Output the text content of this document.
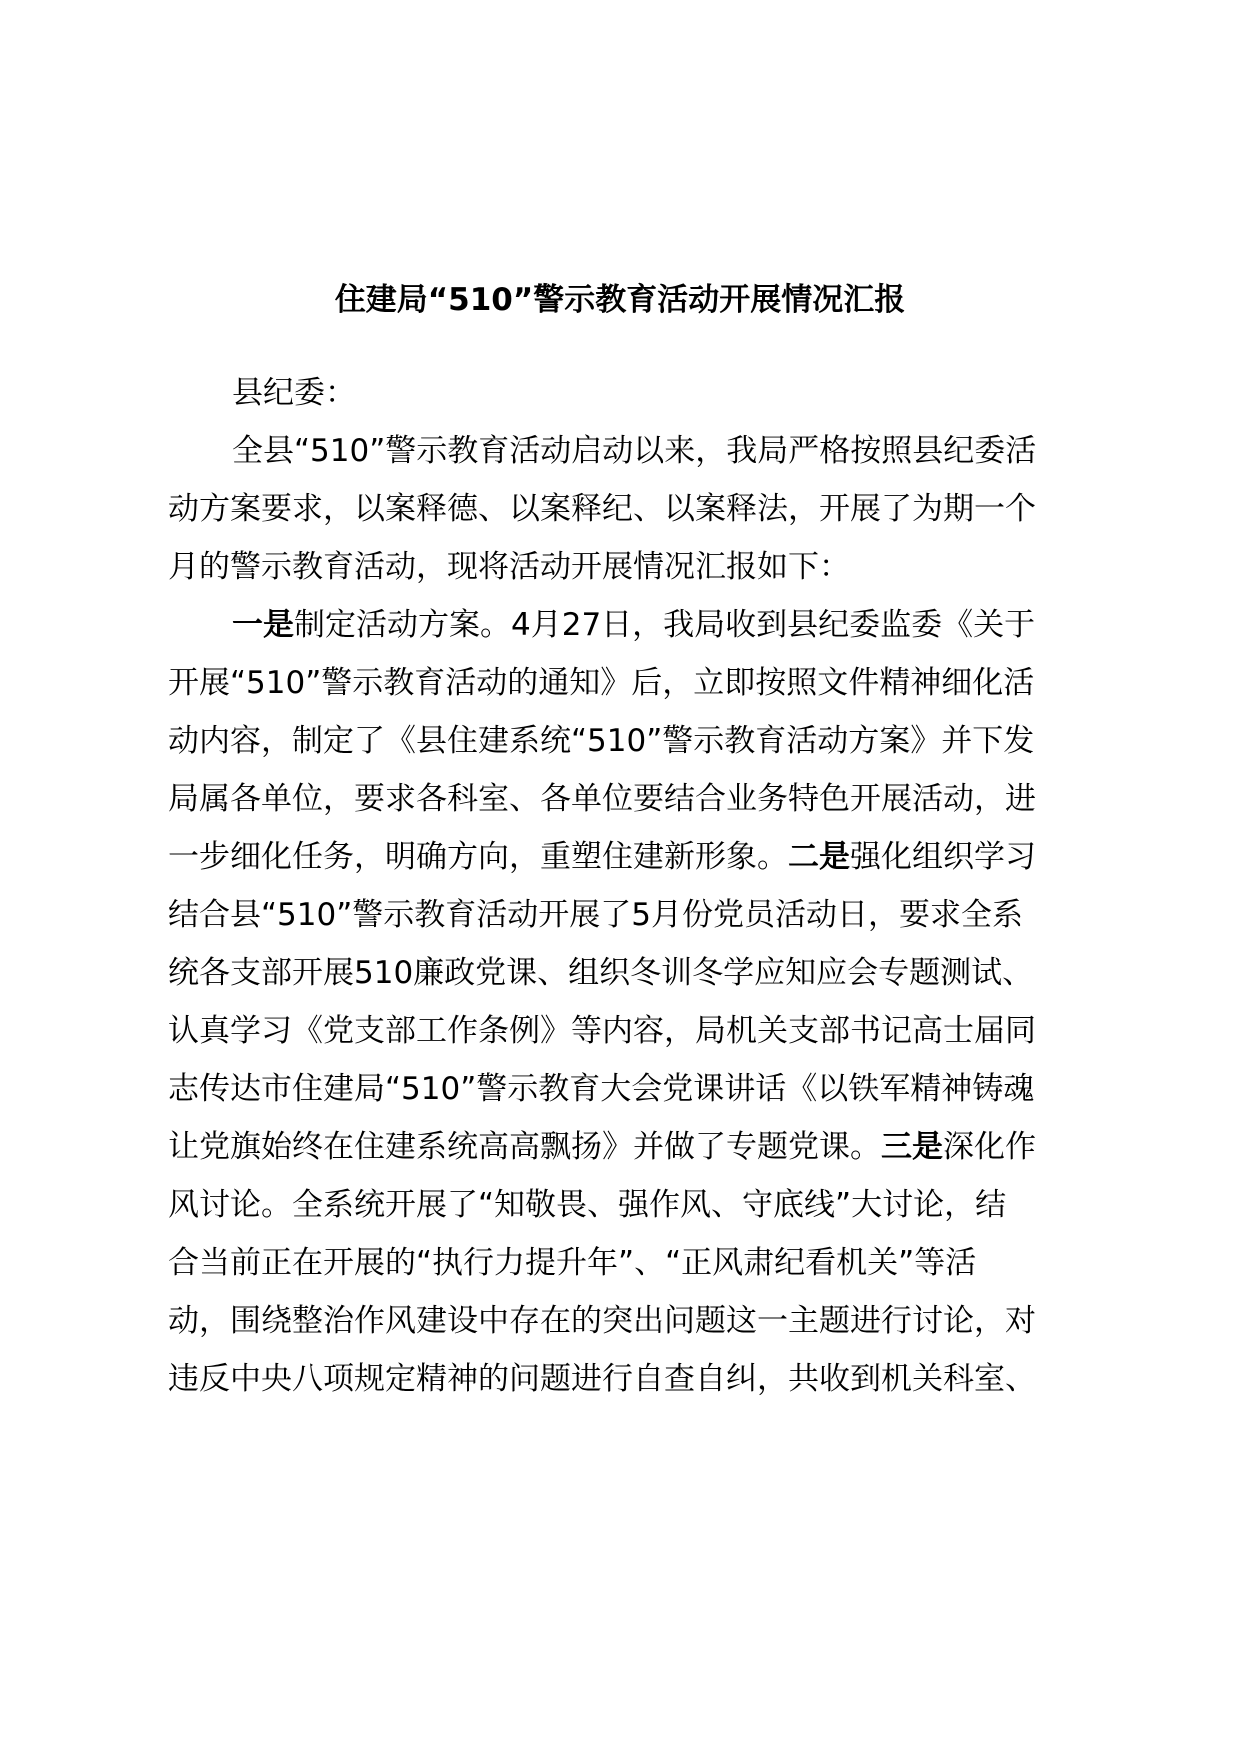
住建局“510”警示教育活动开展情况汇报
县纪委：
全县“510”警示教育活动启动以来，我局严格按照县纪委活
动方案要求，以案释德、以案释纪、以案释法，开展了为期一个
月的警示教育活动，现将活动开展情况汇报如下：
一是制定活动方案。4月27日，我局收到县纪委监委《关于
开展“510”警示教育活动的通知》后，立即按照文件精神细化活
动内容，制定了《县住建系统“510”警示教育活动方案》并下发
局属各单位，要求各科室、各单位要结合业务特色开展活动，进
一步细化任务，明确方向，重塑住建新形象。二是强化组织学习
结合县“510”警示教育活动开展了5月份党员活动日，要求全系
统各支部开展510廉政党课、组织冬训冬学应知应会专题测试、
认真学习《党支部工作条例》等内容，局机关支部书记高士届同
志传达市住建局“510”警示教育大会党课讲话《以铁军精神铸魂
让党旗始终在住建系统高高飘扬》并做了专题党课。三是深化作
风讨论。全系统开展了“知敬畏、强作风、守底线”大讨论，结
合当前正在开展的“执行力提升年”、“正风肃纪看机关”等活
动，围绕整治作风建设中存在的突出问题这一主题进行讨论，对
违反中央八项规定精神的问题进行自查自纠，共收到机关科室、
